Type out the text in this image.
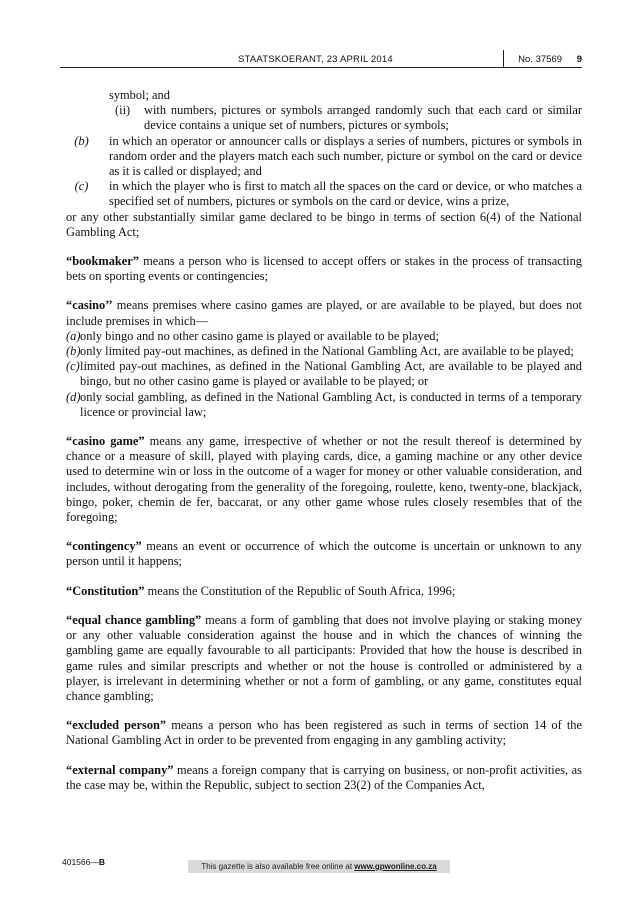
STAATSKOERANT, 23 APRIL 2014	No. 37569 9
symbol; and
(ii)	with numbers, pictures or symbols arranged randomly such that each card or similar device contains a unique set of numbers, pictures or symbols;
(b)	in which an operator or announcer calls or displays a series of numbers, pictures or symbols in random order and the players match each such number, picture or symbol on the card or device as it is called or displayed; and
(c)	in which the player who is first to match all the spaces on the card or device, or who matches a specified set of numbers, pictures or symbols on the card or device, wins a prize,
or any other substantially similar game declared to be bingo in terms of section 6(4) of the National Gambling Act;
“bookmaker” means a person who is licensed to accept offers or stakes in the process of transacting bets on sporting events or contingencies;
“casino’’ means premises where casino games are played, or are available to be played, but does not include premises in which—
(a) only bingo and no other casino game is played or available to be played;
(b) only limited pay-out machines, as defined in the National Gambling Act, are available to be played;
(c) limited pay-out machines, as defined in the National Gambling Act, are available to be played and bingo, but no other casino game is played or available to be played; or
(d) only social gambling, as defined in the National Gambling Act, is conducted in terms of a temporary licence or provincial law;
“casino game” means any game, irrespective of whether or not the result thereof is determined by chance or a measure of skill, played with playing cards, dice, a gaming machine or any other device used to determine win or loss in the outcome of a wager for money or other valuable consideration, and includes, without derogating from the generality of the foregoing, roulette, keno, twenty-one, blackjack, bingo, poker, chemin de fer, baccarat, or any other game whose rules closely resembles that of the foregoing;
“contingency” means an event or occurrence of which the outcome is uncertain or unknown to any person until it happens;
“Constitution” means the Constitution of the Republic of South Africa, 1996;
“equal chance gambling” means a form of gambling that does not involve playing or staking money or any other valuable consideration against the house and in which the chances of winning the gambling game are equally favourable to all participants: Provided that how the house is described in game rules and similar prescripts and whether or not the house is controlled or administered by a player, is irrelevant in determining whether or not a form of gambling, or any game, constitutes equal chance gambling;
“excluded person” means a person who has been registered as such in terms of section 14 of the National Gambling Act in order to be prevented from engaging in any gambling activity;
“external company” means a foreign company that is carrying on business, or non-profit activities, as the case may be, within the Republic, subject to section 23(2) of the Companies Act,
401566—B	This gazette is also available free online at www.gpwonline.co.za
